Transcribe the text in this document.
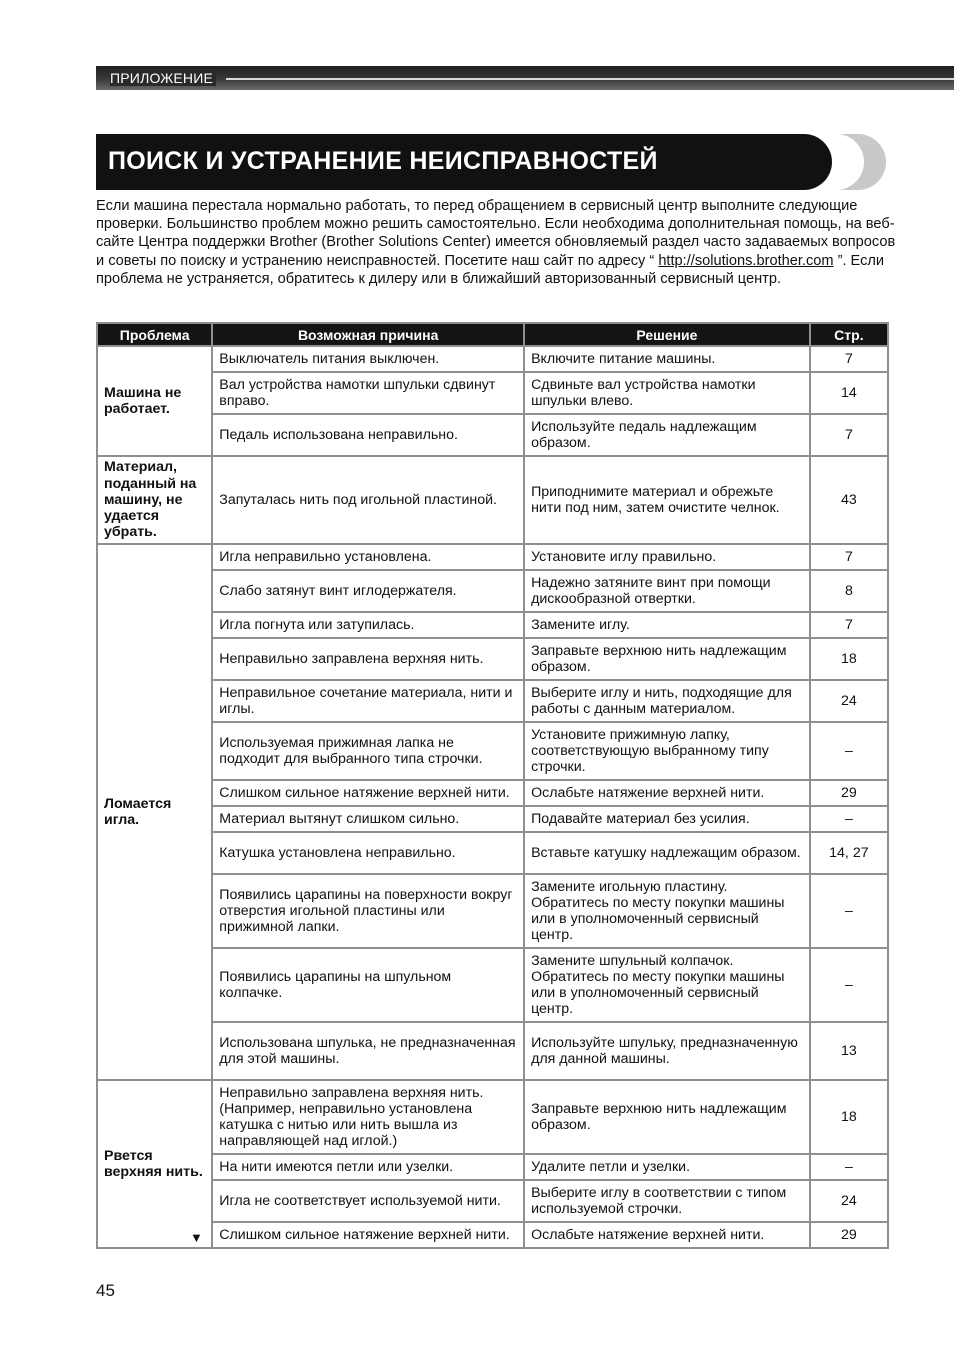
ПРИЛОЖЕНИЕ
ПОИСК И УСТРАНЕНИЕ НЕИСПРАВНОСТЕЙ

Если машина перестала нормально работать, то перед обращением в сервисный центр выполните следующие проверки. Большинство проблем можно решить самостоятельно. Если необходима дополнительная помощь, на веб-сайте Центра поддержки Brother (Brother Solutions Center) имеется обновляемый раздел часто задаваемых вопросов и советы по поиску и устранению неисправностей. Посетите наш сайт по адресу “ http://solutions.brother.com ”. Если проблема не устраняется, обратитесь к дилеру или в ближайший авторизованный сервисный центр.

Проблема	Возможная причина	Решение	Стр.
Машина не работает.	Выключатель питания выключен.	Включите питание машины.	7
	Вал устройства намотки шпульки сдвинут вправо.	Сдвиньте вал устройства намотки шпульки влево.	14
	Педаль использована неправильно.	Используйте педаль надлежащим образом.	7
Материал, поданный на машину, не удается убрать.	Запуталась нить под игольной пластиной.	Приподнимите материал и обрежьте нити под ним, затем очистите челнок.	43
Ломается игла.	Игла неправильно установлена.	Установите иглу правильно.	7
	Слабо затянут винт иглодержателя.	Надежно затяните винт при помощи дискообразной отвертки.	8
	Игла погнута или затупилась.	Замените иглу.	7
	Неправильно заправлена верхняя нить.	Заправьте верхнюю нить надлежащим образом.	18
	Неправильное сочетание материала, нити и иглы.	Выберите иглу и нить, подходящие для работы с данным материалом.	24
	Используемая прижимная лапка не подходит для выбранного типа строчки.	Установите прижимную лапку, соответствующую выбранному типу строчки.	–
	Слишком сильное натяжение верхней нити.	Ослабьте натяжение верхней нити.	29
	Материал вытянут слишком сильно.	Подавайте материал без усилия.	–
	Катушка установлена неправильно.	Вставьте катушку надлежащим образом.	14, 27
	Появились царапины на поверхности вокруг отверстия игольной пластины или прижимной лапки.	Замените игольную пластину. Обратитесь по месту покупки машины или в уполномоченный сервисный центр.	–
	Появились царапины на шпульном колпачке.	Замените шпульный колпачок. Обратитесь по месту покупки машины или в уполномоченный сервисный центр.	–
	Использована шпулька, не предназначенная для этой машины.	Используйте шпульку, предназначенную для данной машины.	13
Рвется верхняя нить.	Неправильно заправлена верхняя нить. (Например, неправильно установлена катушка с нитью или нить вышла из направляющей над иглой.)	Заправьте верхнюю нить надлежащим образом.	18
	На нити имеются петли или узелки.	Удалите петли и узелки.	–
	Игла не соответствует используемой нити.	Выберите иглу в соответствии с типом используемой строчки.	24
	Слишком сильное натяжение верхней нити.	Ослабьте натяжение верхней нити.	29
▼
45
